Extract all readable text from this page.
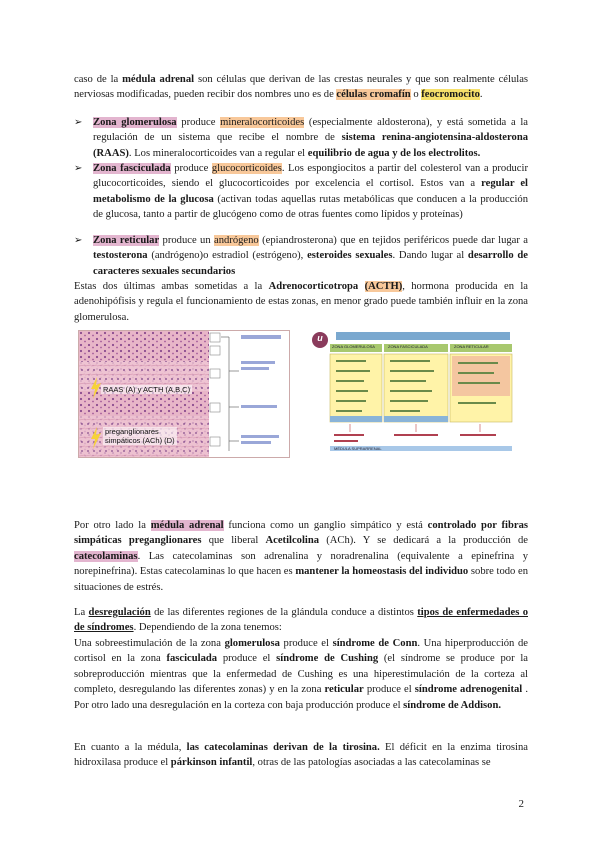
caso de la médula adrenal son células que derivan de las crestas neurales y que son realmente células nerviosas modificadas, pueden recibir dos nombres uno es de células cromafín o feocromocito.
➢ Zona glomerulosa produce mineralocorticoides (especialmente aldosterona), y está sometida a la regulación de un sistema que recibe el nombre de sistema renina-angiotensina-aldosterona (RAAS). Los mineralocorticoides van a regular el equilibrio de agua y de los electrolitos.
➢ Zona fasciculada produce glucocorticoides. Los espongiocitos a partir del colesterol van a producir glucocorticoides, siendo el glucocorticoides por excelencia el cortisol. Estos van a regular el metabolismo de la glucosa (activan todas aquellas rutas metabólicas que conducen a la producción de glucosa, tanto a partir de glucógeno como de otras fuentes como lípidos y proteínas)
➢ Zona reticular produce un andrógeno (epiandrosterona) que en tejidos periféricos puede dar lugar a testosterona (andrógeno)o estradiol (estrógeno), esteroides sexuales. Dando lugar al desarrollo de caracteres sexuales secundarios
Estas dos últimas ambas sometidas a la Adrenocorticotropa (ACTH), hormona producida en la adenohipófisis y regula el funcionamiento de estas zonas, en menor grado puede también influir en la zona glomerulosa.
RAAS (A) y ACTH (A,B,C)
preganglionares simpáticos (ACh) (D)
u
ZONA GLOMERULOSA	ZONA FASCICULADA	ZONA RETICULAR
MÉDULA SUPRARRENAL
Por otro lado la médula adrenal funciona como un ganglio simpático y está controlado por fibras simpáticas preganglionares que liberal Acetilcolina (ACh). Y se dedicará a la producción de catecolaminas. Las catecolaminas son adrenalina y noradrenalina (equivalente a epinefrina y norepinefrina). Estas catecolaminas lo que hacen es mantener la homeostasis del individuo sobre todo en situaciones de estrés.
La desregulación de las diferentes regiones de la glándula conduce a distintos tipos de enfermedades o de síndromes. Dependiendo de la zona tenemos:
Una sobreestimulación de la zona glomerulosa produce el síndrome de Conn. Una hiperproducción de cortisol en la zona fasciculada produce el síndrome de Cushing (el síndrome se produce por la sobreproducción mientras que la enfermedad de Cushing es una hiperestimulación de la corteza al completo, desregulando las diferentes zonas) y en la zona reticular produce el síndrome adrenogenital . Por otro lado una desregulación en la corteza con baja producción produce el síndrome de Addison.
En cuanto a la médula, las catecolaminas derivan de la tirosina. El déficit en la enzima tirosina hidroxilasa produce el párkinson infantil, otras de las patologías asociadas a las catecolaminas se
2
